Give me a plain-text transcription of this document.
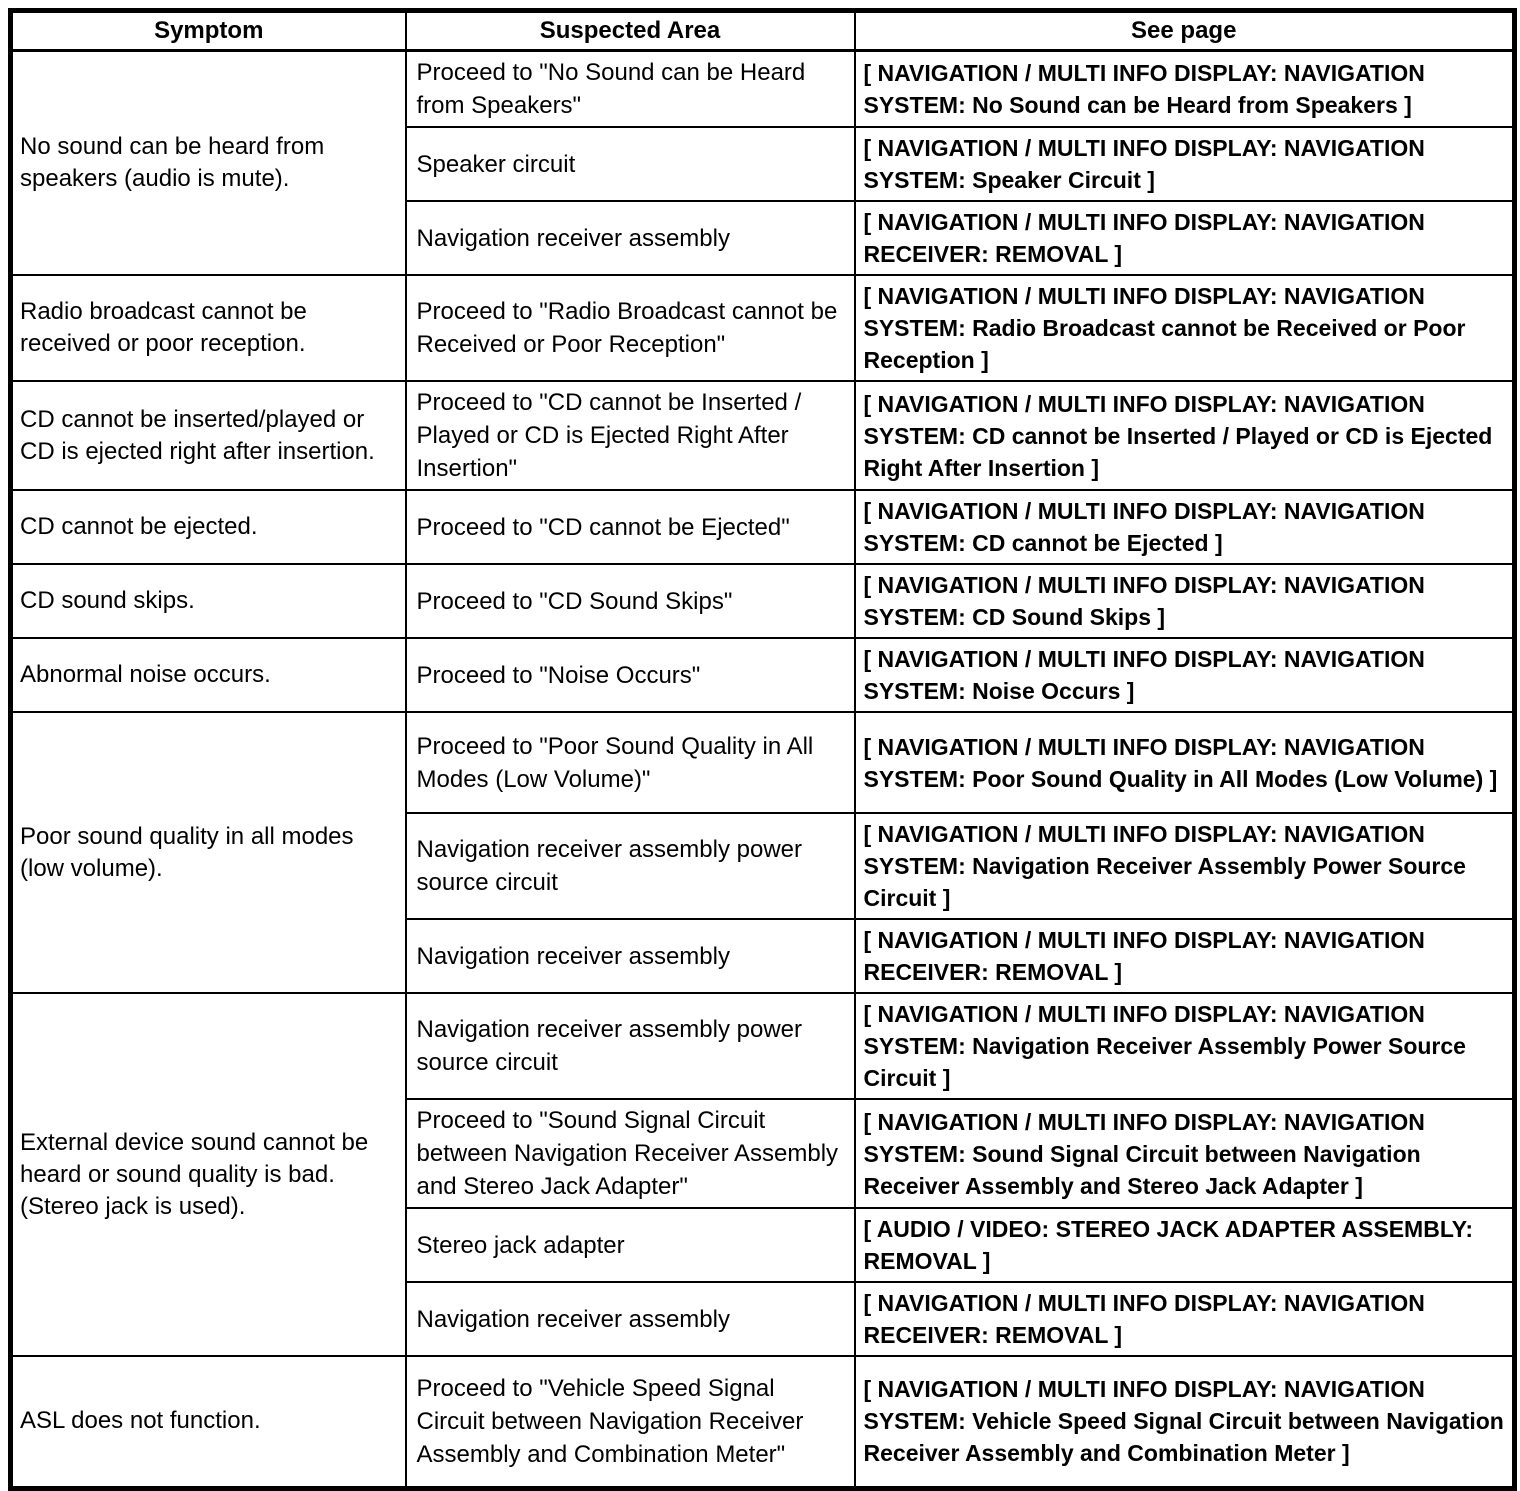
Symptom	Suspected Area	See page
No sound can be heard from speakers (audio is mute).	Proceed to "No Sound can be Heard from Speakers"	[ NAVIGATION / MULTI INFO DISPLAY: NAVIGATION SYSTEM: No Sound can be Heard from Speakers ]
	Speaker circuit	[ NAVIGATION / MULTI INFO DISPLAY: NAVIGATION SYSTEM: Speaker Circuit ]
	Navigation receiver assembly	[ NAVIGATION / MULTI INFO DISPLAY: NAVIGATION RECEIVER: REMOVAL ]
Radio broadcast cannot be received or poor reception.	Proceed to "Radio Broadcast cannot be Received or Poor Reception"	[ NAVIGATION / MULTI INFO DISPLAY: NAVIGATION SYSTEM: Radio Broadcast cannot be Received or Poor Reception ]
CD cannot be inserted/played or CD is ejected right after insertion.	Proceed to "CD cannot be Inserted / Played or CD is Ejected Right After Insertion"	[ NAVIGATION / MULTI INFO DISPLAY: NAVIGATION SYSTEM: CD cannot be Inserted / Played or CD is Ejected Right After Insertion ]
CD cannot be ejected.	Proceed to "CD cannot be Ejected"	[ NAVIGATION / MULTI INFO DISPLAY: NAVIGATION SYSTEM: CD cannot be Ejected ]
CD sound skips.	Proceed to "CD Sound Skips"	[ NAVIGATION / MULTI INFO DISPLAY: NAVIGATION SYSTEM: CD Sound Skips ]
Abnormal noise occurs.	Proceed to "Noise Occurs"	[ NAVIGATION / MULTI INFO DISPLAY: NAVIGATION SYSTEM: Noise Occurs ]
Poor sound quality in all modes (low volume).	Proceed to "Poor Sound Quality in All Modes (Low Volume)"	[ NAVIGATION / MULTI INFO DISPLAY: NAVIGATION SYSTEM: Poor Sound Quality in All Modes (Low Volume) ]
	Navigation receiver assembly power source circuit	[ NAVIGATION / MULTI INFO DISPLAY: NAVIGATION SYSTEM: Navigation Receiver Assembly Power Source Circuit ]
	Navigation receiver assembly	[ NAVIGATION / MULTI INFO DISPLAY: NAVIGATION RECEIVER: REMOVAL ]
External device sound cannot be heard or sound quality is bad. (Stereo jack is used).	Navigation receiver assembly power source circuit	[ NAVIGATION / MULTI INFO DISPLAY: NAVIGATION SYSTEM: Navigation Receiver Assembly Power Source Circuit ]
	Proceed to "Sound Signal Circuit between Navigation Receiver Assembly and Stereo Jack Adapter"	[ NAVIGATION / MULTI INFO DISPLAY: NAVIGATION SYSTEM: Sound Signal Circuit between Navigation Receiver Assembly and Stereo Jack Adapter ]
	Stereo jack adapter	[ AUDIO / VIDEO: STEREO JACK ADAPTER ASSEMBLY: REMOVAL ]
	Navigation receiver assembly	[ NAVIGATION / MULTI INFO DISPLAY: NAVIGATION RECEIVER: REMOVAL ]
ASL does not function.	Proceed to "Vehicle Speed Signal Circuit between Navigation Receiver Assembly and Combination Meter"	[ NAVIGATION / MULTI INFO DISPLAY: NAVIGATION SYSTEM: Vehicle Speed Signal Circuit between Navigation Receiver Assembly and Combination Meter ]
